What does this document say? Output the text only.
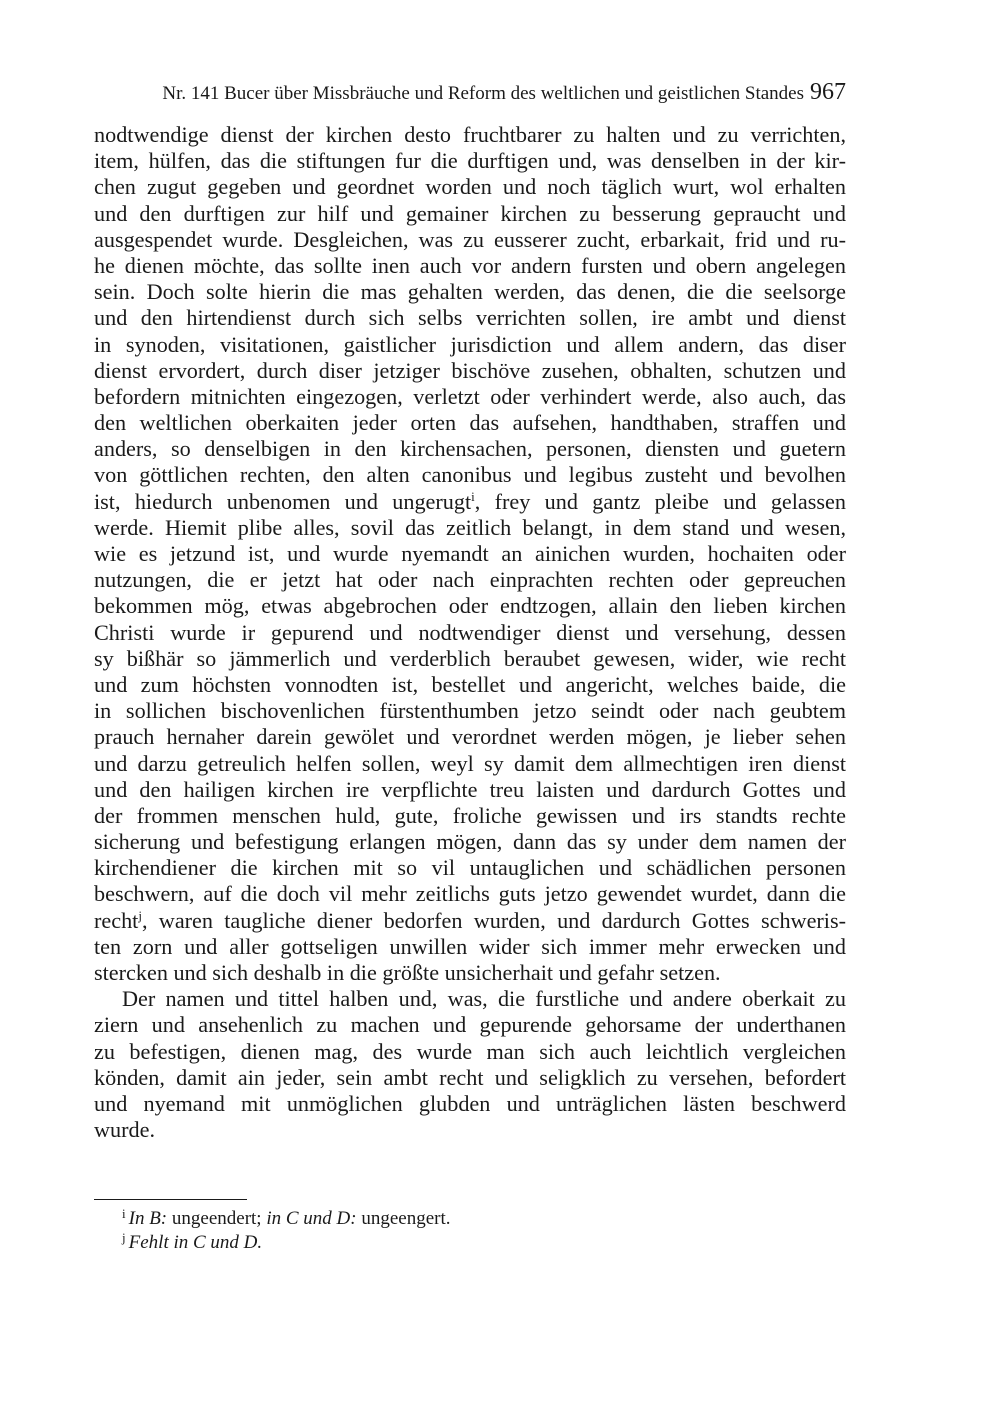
Nr. 141 Bucer über Missbräuche und Reform des weltlichen und geistlichen Standes 967
nodtwendige dienst der kirchen desto fruchtbarer zu halten und zu verrichten,
item, hülfen, das die stiftungen fur die durftigen und, was denselben in der kir-
chen zugut gegeben und geordnet worden und noch täglich wurt, wol erhalten
und den durftigen zur hilf und gemainer kirchen zu besserung gepraucht und
ausgespendet wurde. Desgleichen, was zu eusserer zucht, erbarkait, frid und ru-
he dienen möchte, das sollte inen auch vor andern fursten und obern angelegen
sein. Doch solte hierin die mas gehalten werden, das denen, die die seelsorge
und den hirtendienst durch sich selbs verrichten sollen, ire ambt und dienst
in synoden, visitationen, gaistlicher jurisdiction und allem andern, das diser
dienst ervordert, durch diser jetziger bischöve zusehen, obhalten, schutzen und
befordern mitnichten eingezogen, verletzt oder verhindert werde, also auch, das
den weltlichen oberkaiten jeder orten das aufsehen, handthaben, straffen und
anders, so denselbigen in den kirchensachen, personen, diensten und guetern
von göttlichen rechten, den alten canonibus und legibus zusteht und bevolhen
ist, hiedurch unbenomen und ungerugt$^i$, frey und gantz pleibe und gelassen
werde. Hiemit plibe alles, sovil das zeitlich belangt, in dem stand und wesen,
wie es jetzund ist, und wurde nyemandt an ainichen wurden, hochaiten oder
nutzungen, die er jetzt hat oder nach einprachten rechten oder gepreuchen
bekommen mög, etwas abgebrochen oder endtzogen, allain den lieben kirchen
Christi wurde ir gepurend und nodtwendiger dienst und versehung, dessen
sy bißhär so jämmerlich und verderblich beraubet gewesen, wider, wie recht
und zum höchsten vonnodten ist, bestellet und angericht, welches baide, die
in sollichen bischovenlichen fürstenthumben jetzo seindt oder nach geubtem
prauch hernaher darein gewölet und verordnet werden mögen, je lieber sehen
und darzu getreulich helfen sollen, weyl sy damit dem allmechtigen iren dienst
und den hailigen kirchen ire verpflichte treu laisten und dardurch Gottes und
der frommen menschen huld, gute, froliche gewissen und irs standts rechte
sicherung und befestigung erlangen mögen, dann das sy under dem namen der
kirchendiener die kirchen mit so vil untauglichen und schädlichen personen
beschwern, auf die doch vil mehr zeitlichs guts jetzo gewendet wurdet, dann die
recht$^j$, waren taugliche diener bedorfen wurden, und dardurch Gottes schweris-
ten zorn und aller gottseligen unwillen wider sich immer mehr erwecken und
stercken und sich deshalb in die größte unsicherhait und gefahr setzen.
Der namen und tittel halben und, was, die furstliche und andere oberkait zu
ziern und ansehenlich zu machen und gepurende gehorsame der underthanen
zu befestigen, dienen mag, des wurde man sich auch leichtlich vergleichen
könden, damit ain jeder, sein ambt recht und seligklich zu versehen, befordert
und nyemand mit unmöglichen glubden und unträglichen lästen beschwerd
wurde.
$^i$ In B: ungeendert; in C und D: ungeengert.
$^j$ Fehlt in C und D.
